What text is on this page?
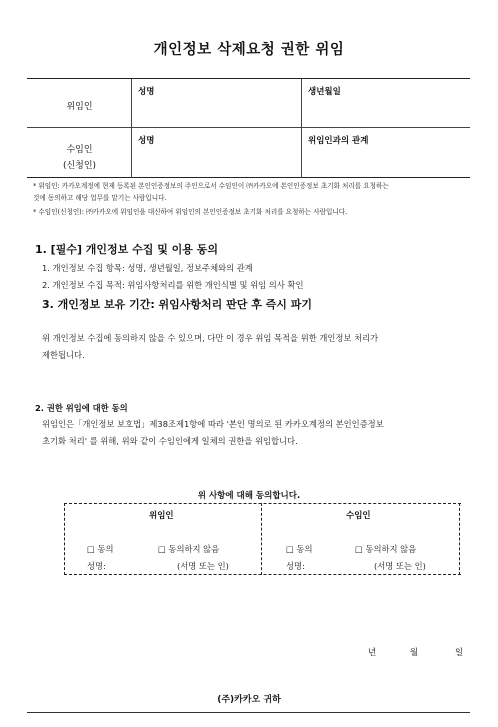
개인정보 삭제요청 권한 위임
위임인
성명	생년월일
수임인
(신청인)
성명	위임인과의 관계
* 위임인: 카카오계정에 현재 등록된 본인인증정보의 주인으로서 수임인이 ㈜카카오에 본인인증정보 초기화 처리를 요청하는
것에 동의하고 해당 업무를 맡기는 사람입니다.
* 수임인(신청인): ㈜카카오에 위임인을 대신하여 위임인의 본인인증정보 초기화 처리를 요청하는 사람입니다.
1. [필수] 개인정보 수집 및 이용 동의
1. 개인정보 수집 항목: 성명, 생년월일, 정보주체와의 관계
2. 개인정보 수집 목적: 위임사항처리를 위한 개인식별 및 위임 의사 확인
3. 개인정보 보유 기간: 위임사항처리 판단 후 즉시 파기
위 개인정보 수집에 동의하지 않을 수 있으며, 다만 이 경우 위임 목적을 위한 개인정보 처리가
제한됩니다.
2. 권한 위임에 대한 동의
위임인은「개인정보 보호법」제38조제1항에 따라 '본인 명의로 된 카카오계정의 본인인증정보
초기화 처리' 를 위해, 위와 같이 수임인에게 일체의 권한을 위임합니다.
위 사항에 대해 동의합니다.
위임인	수임인
□ 동의	□ 동의하지 않음	□ 동의	□ 동의하지 않음
성명:	(서명 또는 인)	성명:	(서명 또는 인)
년	월	일
(주)카카오 귀하
